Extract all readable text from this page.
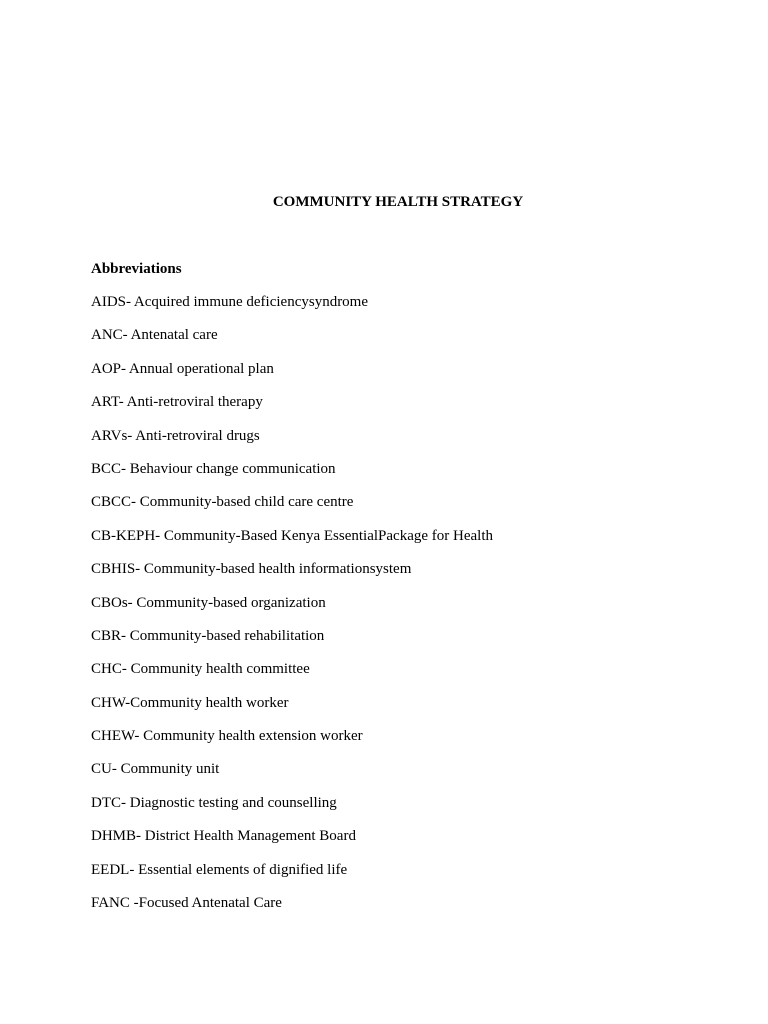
COMMUNITY HEALTH STRATEGY
Abbreviations
AIDS- Acquired immune deficiencysyndrome
ANC- Antenatal care
AOP- Annual operational plan
ART- Anti-retroviral therapy
ARVs- Anti-retroviral drugs
BCC- Behaviour change communication
CBCC- Community-based child care centre
CB-KEPH- Community-Based Kenya EssentialPackage for Health
CBHIS- Community-based health informationsystem
CBOs- Community-based organization
CBR- Community-based rehabilitation
CHC- Community health committee
CHW-Community health worker
CHEW- Community health extension worker
CU- Community unit
DTC- Diagnostic testing and counselling
DHMB- District Health Management Board
EEDL- Essential elements of dignified life
FANC -Focused Antenatal Care
